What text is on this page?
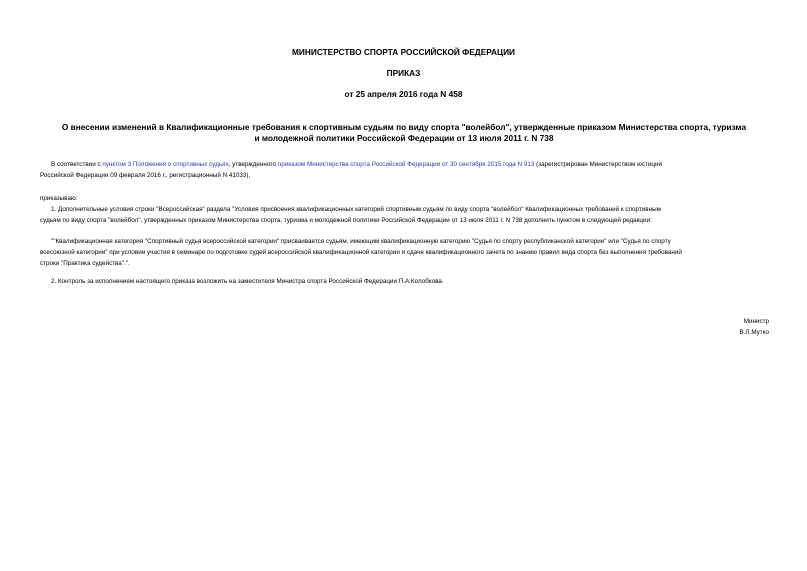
МИНИСТЕРСТВО СПОРТА РОССИЙСКОЙ ФЕДЕРАЦИИ
ПРИКАЗ
от 25 апреля 2016 года N 458
О внесении изменений в Квалификационные требования к спортивным судьям по виду спорта "волейбол", утвержденные приказом Министерства спорта, туризма
и молодежной политики Российской Федерации от 13 июля 2011 г. N 738
В соответствии с пунктом 3 Положения о спортивных судьях, утвержденного приказом Министерства спорта Российской Федерации от 30 сентября 2015 года N 913 (зарегистрирован Министерством юстиции
Российской Федерации 09 февраля 2016 г., регистрационный N 41033),
приказываю:
1. Дополнительные условия строки "Всероссийская" раздела "Условия присвоения квалификационных категорий спортивным судьям по виду спорта "волейбол" Квалификационных требований к спортивным
судьям по виду спорта "волейбол", утвержденных приказом Министерства спорта, туризма и молодежной политики Российской Федерации от 13 июля 2011 г. N 738 дополнить пунктом в следующей редакции:
""Квалификационная категория "Спортивный судья всероссийской категории" присваивается судьям, имеющим квалификационную категорию "Судья по спорту республиканской категории" или "Судья по спорту
всесоюзной категории" при условии участия в семинаре по подготовке судей всероссийской квалификационной категории и сдаче квалификационного зачета по знанию правил вида спорта без выполнения требований
строки "Практика судейства".".
2. Контроль за исполнением настоящего приказа возложить на заместителя Министра спорта Российской Федерации П.А.Колобкова.
Министр
В.Л.Мутко
